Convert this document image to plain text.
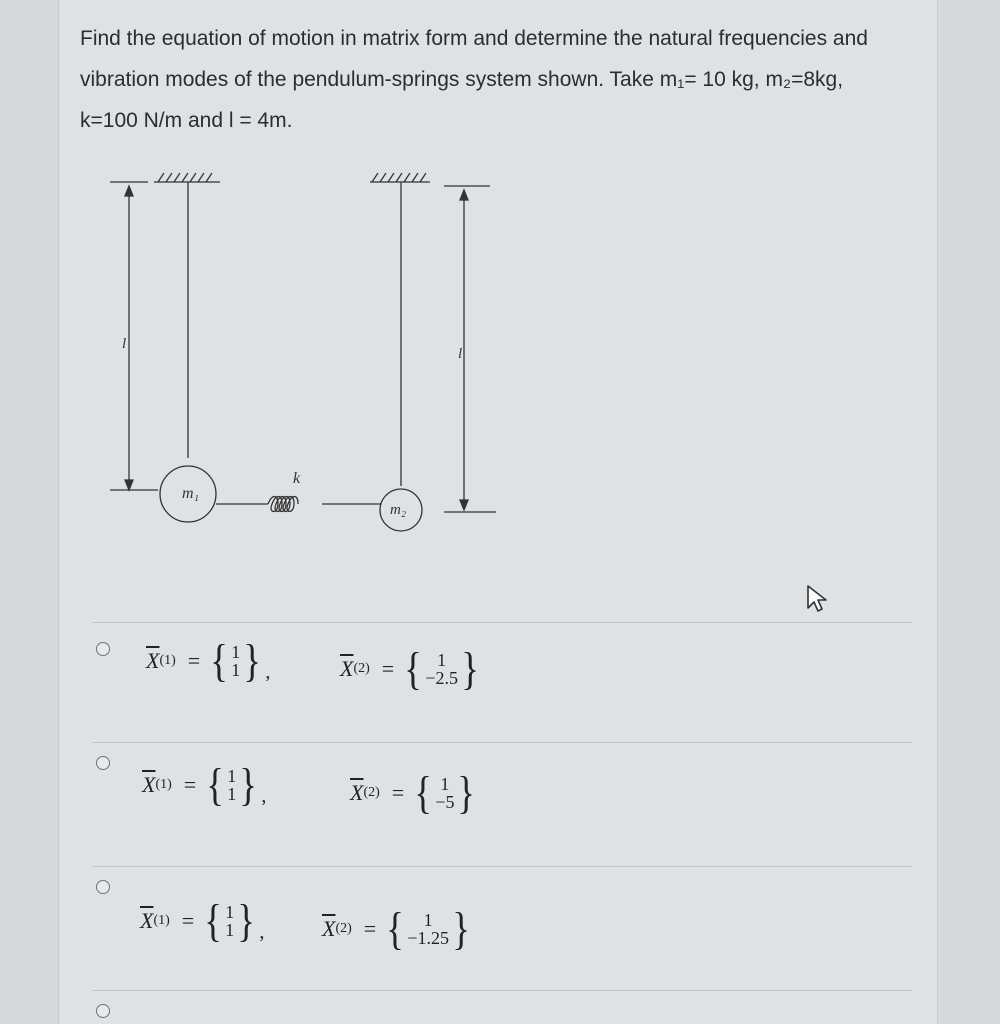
Find the equation of motion in matrix form and determine the natural frequencies and
vibration modes of the pendulum-springs system shown. Take m₁= 10 kg, m₂=8kg,
k=100 N/m and l = 4m.

m₁
m₂
k
l
l
$\overline{X}$ (1) = { 1
1 } ,	$\overline{X}$ (2) = { 1
−2.5 }
$\overline{X}$ (1) = { 1
1 } ,	$\overline{X}$ (2) = { 1
−5 }
$\overline{X}$ (1) = { 1
1 } ,	$\overline{X}$ (2) = { 1
−1.25 }
